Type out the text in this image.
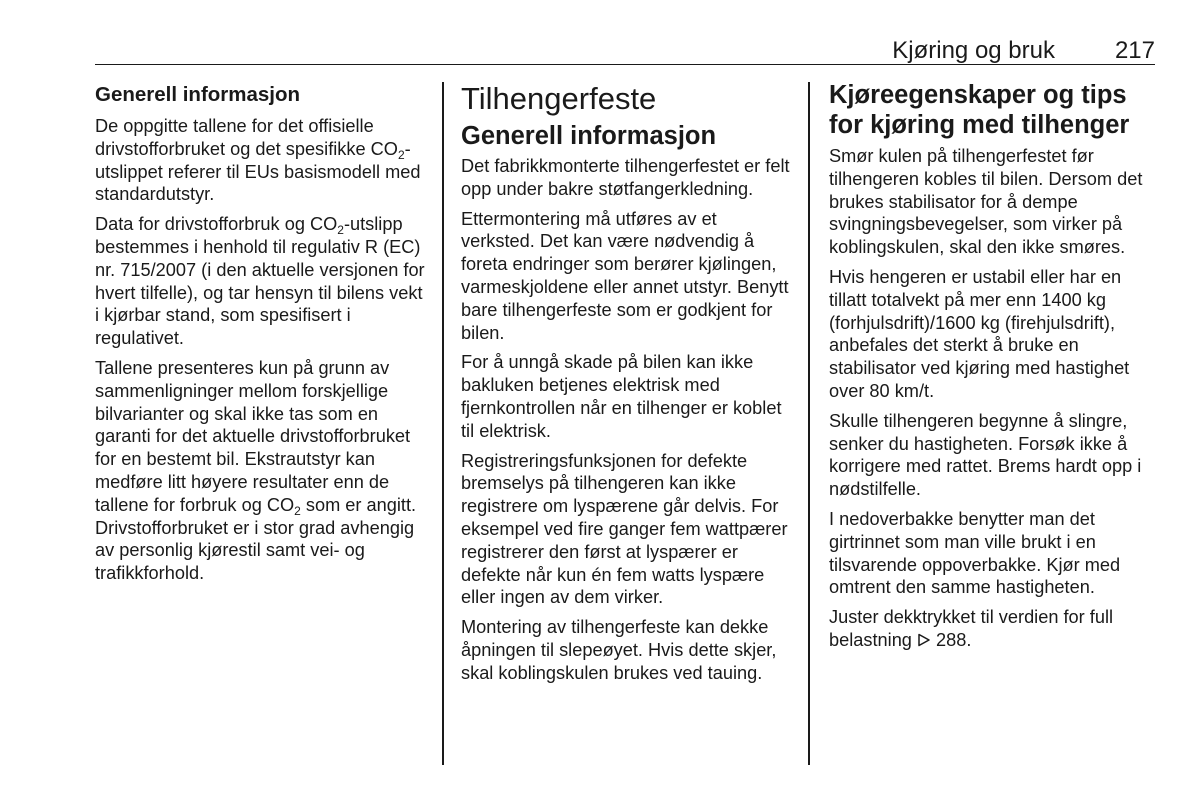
Kjøring og bruk 217
Generell informasjon

De oppgitte tallene for det offisielle drivstofforbruket og det spesifikke $CO_2$-utslippet referer til EUs basismodell med standardutstyr.

Data for drivstofforbruk og $CO_2$-utslipp bestemmes i henhold til regulativ R (EC) nr. 715/2007 (i den aktuelle versjonen for hvert tilfelle), og tar hensyn til bilens vekt i kjørbar stand, som spesifisert i regulativet.

Tallene presenteres kun på grunn av sammenligninger mellom forskjellige bilvarianter og skal ikke tas som en garanti for det aktuelle drivstofforbruket for en bestemt bil. Ekstrautstyr kan medføre litt høyere resultater enn de tallene for forbruk og $CO_2$ som er angitt. Drivstofforbruket er i stor grad avhengig av personlig kjørestil samt vei- og trafikkforhold.

Tilhengerfeste
Generell informasjon

Det fabrikkmonterte tilhengerfestet er felt opp under bakre støtfangerkledning.

Ettermontering må utføres av et verksted. Det kan være nødvendig å foreta endringer som berører kjølingen, varmeskjoldene eller annet utstyr. Benytt bare tilhengerfeste som er godkjent for bilen.

For å unngå skade på bilen kan ikke bakluken betjenes elektrisk med fjernkontrollen når en tilhenger er koblet til elektrisk.

Registreringsfunksjonen for defekte bremselys på tilhengeren kan ikke registrere om lyspærene går delvis. For eksempel ved fire ganger fem wattpærer registrerer den først at lyspærer er defekte når kun én fem watts lyspære eller ingen av dem virker.

Montering av tilhengerfeste kan dekke åpningen til slepeøyet. Hvis dette skjer, skal koblingskulen brukes ved tauing.

Kjøreegenskaper og tips for kjøring med tilhenger

Smør kulen på tilhengerfestet før tilhengeren kobles til bilen. Dersom det brukes stabilisator for å dempe svingningsbevegelser, som virker på koblingskulen, skal den ikke smøres.

Hvis hengeren er ustabil eller har en tillatt totalvekt på mer enn 1400 kg (forhjulsdrift)/1600 kg (firehjulsdrift), anbefales det sterkt å bruke en stabilisator ved kjøring med hastighet over 80 km/t.

Skulle tilhengeren begynne å slingre, senker du hastigheten. Forsøk ikke å korrigere med rattet. Brems hardt opp i nødstilfelle.

I nedoverbakke benytter man det girtrinnet som man ville brukt i en tilsvarende oppoverbakke. Kjør med omtrent den samme hastigheten.

Juster dekktrykket til verdien for full belastning 288.
